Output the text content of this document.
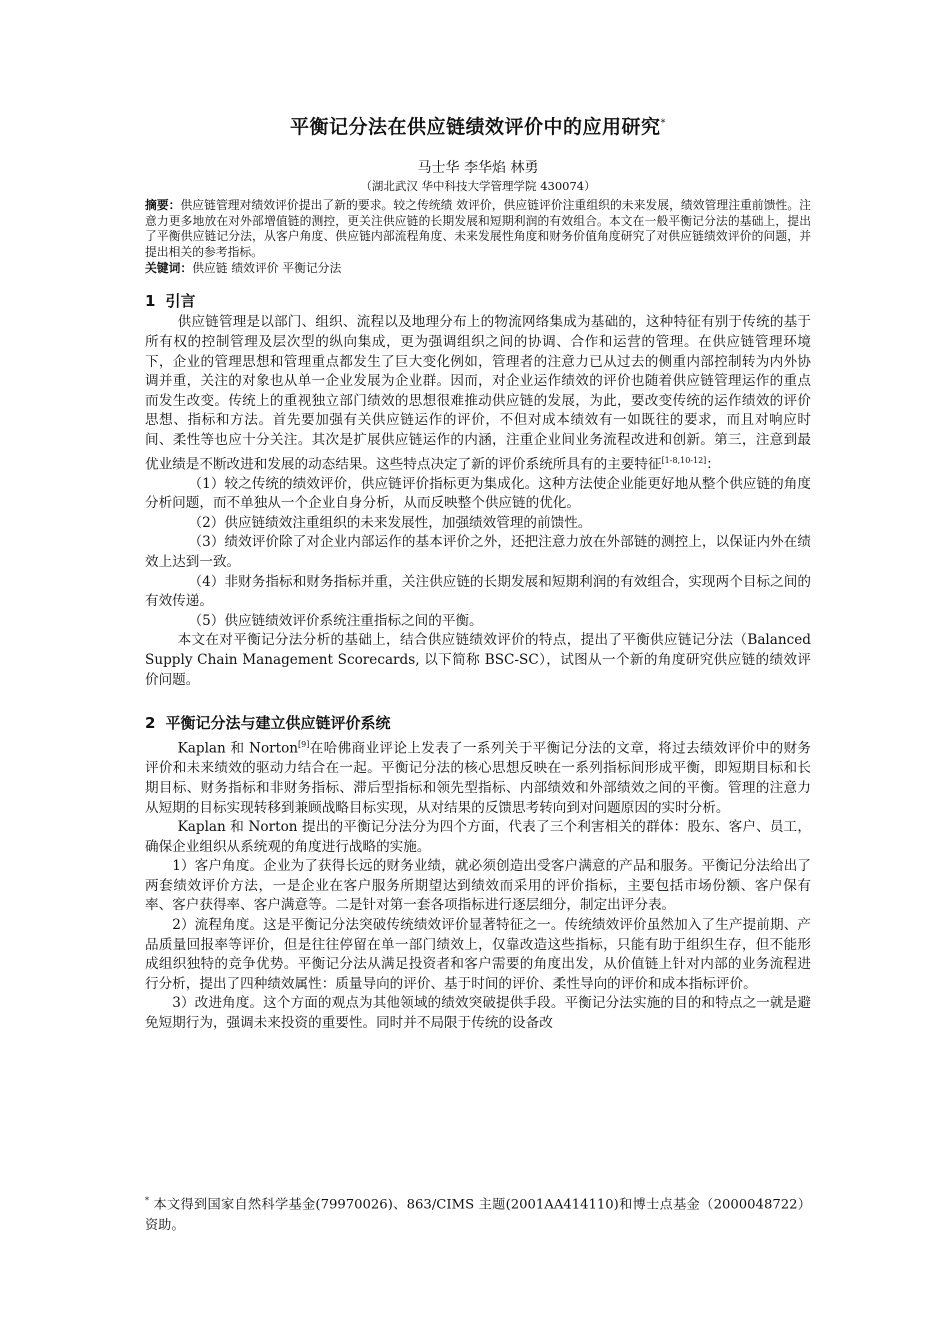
平衡记分法在供应链绩效评价中的应用研究*
马士华 李华焰 林勇
（湖北武汉 华中科技大学管理学院 430074）

摘要：供应链管理对绩效评价提出了新的要求。较之传统绩 效评价，供应链评价注重组织的未来发展，绩效管理注重前馈性。注意力更多地放在对外部增值链的测控，更关注供应链的长期发展和短期利润的有效组合。本文在一般平衡记分法的基础上，提出了平衡供应链记分法，从客户角度、供应链内部流程角度、未来发展性角度和财务价值角度研究了对供应链绩效评价的问题，并提出相关的参考指标。

关键词：供应链 绩效评价 平衡记分法

1 引言

供应链管理是以部门、组织、流程以及地理分布上的物流网络集成为基础的，这种特征有别于传统的基于所有权的控制管理及层次型的纵向集成，更为强调组织之间的协调、合作和运营的管理。在供应链管理环境下，企业的管理思想和管理重点都发生了巨大变化例如，管理者的注意力已从过去的侧重内部控制转为内外协调并重，关注的对象也从单一企业发展为企业群。因而，对企业运作绩效的评价也随着供应链管理运作的重点而发生改变。传统上的重视独立部门绩效的思想很难推动供应链的发展，为此，要改变传统的运作绩效的评价思想、指标和方法。首先要加强有关供应链运作的评价，不但对成本绩效有一如既往的要求，而且对响应时间、柔性等也应十分关注。其次是扩展供应链运作的内涵，注重企业间业务流程改进和创新。第三，注意到最优业绩是不断改进和发展的动态结果。这些特点决定了新的评价系统所具有的主要特征[1-8,10-12]：

（1）较之传统的绩效评价，供应链评价指标更为集成化。这种方法使企业能更好地从整个供应链的角度分析问题，而不单独从一个企业自身分析，从而反映整个供应链的优化。

（2）供应链绩效注重组织的未来发展性，加强绩效管理的前馈性。

（3）绩效评价除了对企业内部运作的基本评价之外，还把注意力放在外部链的测控上，以保证内外在绩效上达到一致。

（4）非财务指标和财务指标并重，关注供应链的长期发展和短期利润的有效组合，实现两个目标之间的有效传递。

（5）供应链绩效评价系统注重指标之间的平衡。

本文在对平衡记分法分析的基础上，结合供应链绩效评价的特点，提出了平衡供应链记分法（Balanced Supply Chain Management Scorecards, 以下简称 BSC-SC），试图从一个新的角度研究供应链的绩效评价问题。

2 平衡记分法与建立供应链评价系统

Kaplan 和 Norton[9]在哈佛商业评论上发表了一系列关于平衡记分法的文章，将过去绩效评价中的财务评价和未来绩效的驱动力结合在一起。平衡记分法的核心思想反映在一系列指标间形成平衡，即短期目标和长期目标、财务指标和非财务指标、滞后型指标和领先型指标、内部绩效和外部绩效之间的平衡。管理的注意力从短期的目标实现转移到兼顾战略目标实现，从对结果的反馈思考转向到对问题原因的实时分析。

Kaplan 和 Norton 提出的平衡记分法分为四个方面，代表了三个利害相关的群体：股东、客户、员工，确保企业组织从系统观的角度进行战略的实施。

1）客户角度。企业为了获得长远的财务业绩，就必须创造出受客户满意的产品和服务。平衡记分法给出了两套绩效评价方法，一是企业在客户服务所期望达到绩效而采用的评价指标，主要包括市场份额、客户保有率、客户获得率、客户满意等。二是针对第一套各项指标进行逐层细分，制定出评分表。

2）流程角度。这是平衡记分法突破传统绩效评价显著特征之一。传统绩效评价虽然加入了生产提前期、产品质量回报率等评价，但是往往停留在单一部门绩效上，仅靠改造这些指标，只能有助于组织生存，但不能形成组织独特的竞争优势。平衡记分法从满足投资者和客户需要的角度出发，从价值链上针对内部的业务流程进行分析，提出了四种绩效属性：质量导向的评价、基于时间的评价、柔性导向的评价和成本指标评价。

3）改进角度。这个方面的观点为其他领域的绩效突破提供手段。平衡记分法实施的目的和特点之一就是避免短期行为，强调未来投资的重要性。同时并不局限于传统的设备改

* 本文得到国家自然科学基金(79970026)、863/CIMS 主题(2001AA414110)和博士点基金（2000048722）资助。
